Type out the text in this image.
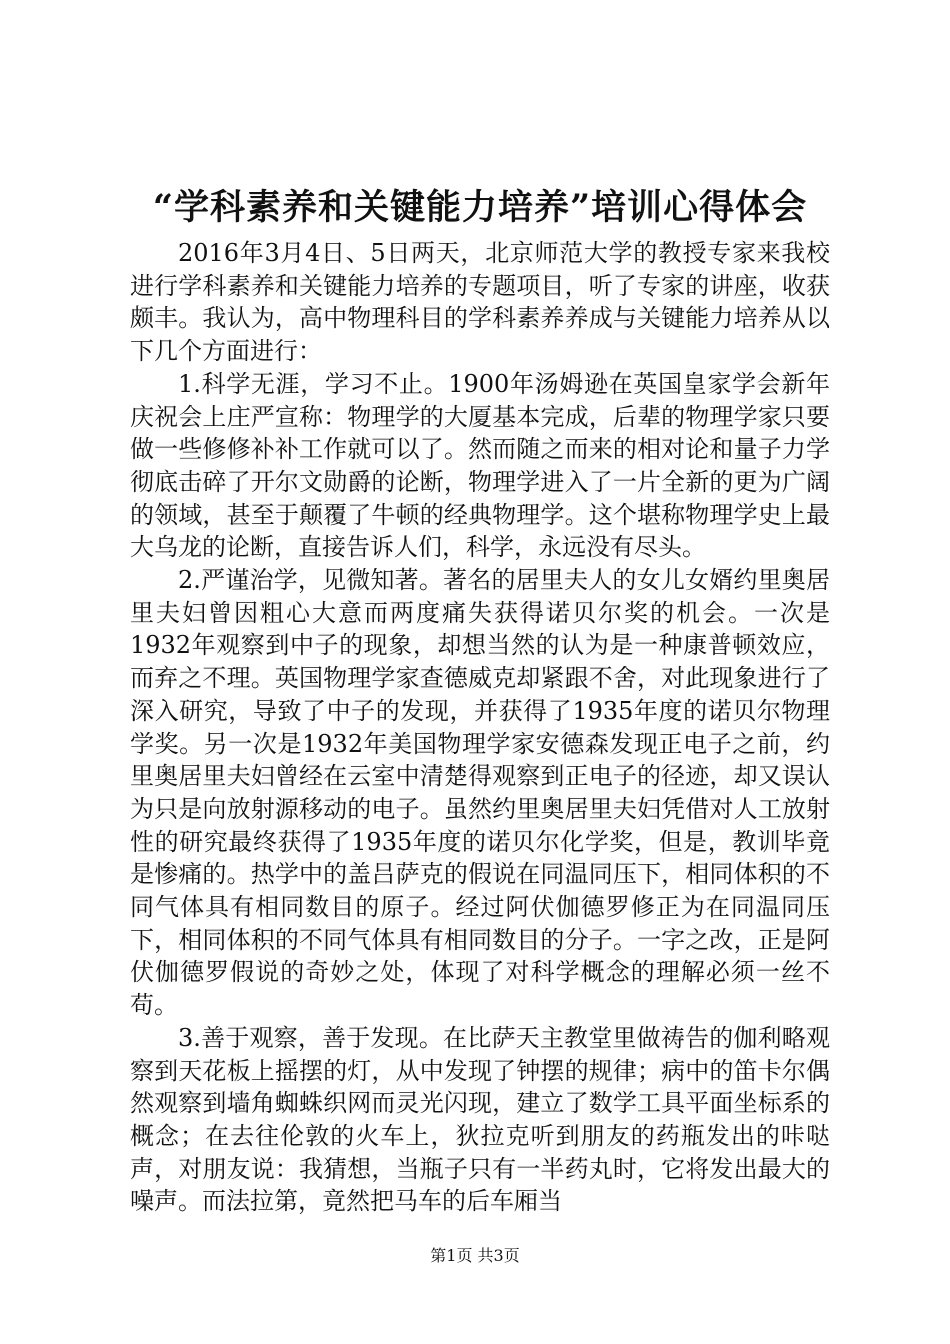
“学科素养和关键能力培养”培训心得体会

2016年3月4日、5日两天，北京师范大学的教授专家来我校进行学科素养和关键能力培养的专题项目，听了专家的讲座，收获颇丰。我认为，高中物理科目的学科素养养成与关键能力培养从以下几个方面进行：

1.科学无涯，学习不止。1900年汤姆逊在英国皇家学会新年庆祝会上庄严宣称：物理学的大厦基本完成，后辈的物理学家只要做一些修修补补工作就可以了。然而随之而来的相对论和量子力学彻底击碎了开尔文勋爵的论断，物理学进入了一片全新的更为广阔的领域，甚至于颠覆了牛顿的经典物理学。这个堪称物理学史上最大乌龙的论断，直接告诉人们，科学，永远没有尽头。

2.严谨治学，见微知著。著名的居里夫人的女儿女婿约里奥居里夫妇曾因粗心大意而两度痛失获得诺贝尔奖的机会。一次是1932年观察到中子的现象，却想当然的认为是一种康普顿效应，而弃之不理。英国物理学家查德威克却紧跟不舍，对此现象进行了深入研究，导致了中子的发现，并获得了1935年度的诺贝尔物理学奖。另一次是1932年美国物理学家安德森发现正电子之前，约里奥居里夫妇曾经在云室中清楚得观察到正电子的径迹，却又误认为只是向放射源移动的电子。虽然约里奥居里夫妇凭借对人工放射性的研究最终获得了1935年度的诺贝尔化学奖，但是，教训毕竟是惨痛的。热学中的盖吕萨克的假说在同温同压下，相同体积的不同气体具有相同数目的原子。经过阿伏伽德罗修正为在同温同压下，相同体积的不同气体具有相同数目的分子。一字之改，正是阿伏伽德罗假说的奇妙之处，体现了对科学概念的理解必须一丝不苟。

3.善于观察，善于发现。在比萨天主教堂里做祷告的伽利略观察到天花板上摇摆的灯，从中发现了钟摆的规律；病中的笛卡尔偶然观察到墙角蜘蛛织网而灵光闪现，建立了数学工具平面坐标系的概念；在去往伦敦的火车上，狄拉克听到朋友的药瓶发出的咔哒声，对朋友说：我猜想，当瓶子只有一半药丸时，它将发出最大的噪声。而法拉第，竟然把马车的后车厢当

第1页 共3页
